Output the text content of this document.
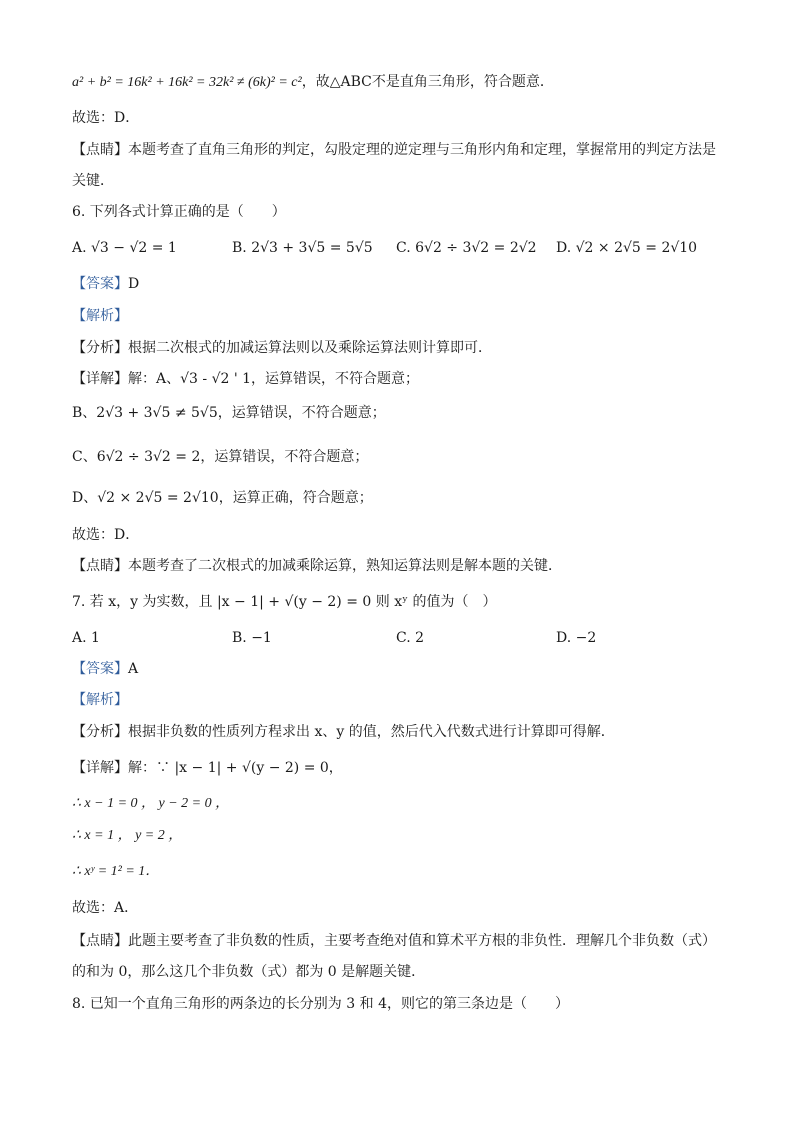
a² + b² = 16k² + 16k² = 32k² ≠ (6k)² = c²，故△ABC不是直角三角形，符合题意．
故选：D．
【点睛】本题考查了直角三角形的判定，勾股定理的逆定理与三角形内角和定理，掌握常用的判定方法是
关键．
6. 下列各式计算正确的是（　　）
A. √3 − √2 = 1	B. 2√3 + 3√5 = 5√5 C. 6√2 ÷ 3√2 = 2√2 D. √2 × 2√5 = 2√10
【答案】D
【解析】
【分析】根据二次根式的加减运算法则以及乘除运算法则计算即可．
【详解】解：A、√3 - √2 ' 1，运算错误，不符合题意；
B、2√3 + 3√5 ≠ 5√5，运算错误，不符合题意；
C、6√2 ÷ 3√2 = 2，运算错误，不符合题意；
D、√2 × 2√5 = 2√10，运算正确，符合题意；
故选：D．
【点睛】本题考查了二次根式的加减乘除运算，熟知运算法则是解本题的关键．
7. 若 x，y 为实数，且 |x − 1| + √(y − 2) = 0 则 xʸ 的值为（　）
A. 1	B. −1	C. 2	D. −2
【答案】A
【解析】
【分析】根据非负数的性质列方程求出 x、y 的值，然后代入代数式进行计算即可得解．
【详解】解：∵ |x − 1| + √(y − 2) = 0，
∴ x − 1 = 0 ， y − 2 = 0 ，
∴ x = 1 ， y = 2 ，
∴ xʸ = 1² = 1．
故选：A．
【点睛】此题主要考查了非负数的性质，主要考查绝对值和算术平方根的非负性．理解几个非负数（式）
的和为 0，那么这几个非负数（式）都为 0 是解题关键．
8. 已知一个直角三角形的两条边的长分别为 3 和 4，则它的第三条边是（　　）
